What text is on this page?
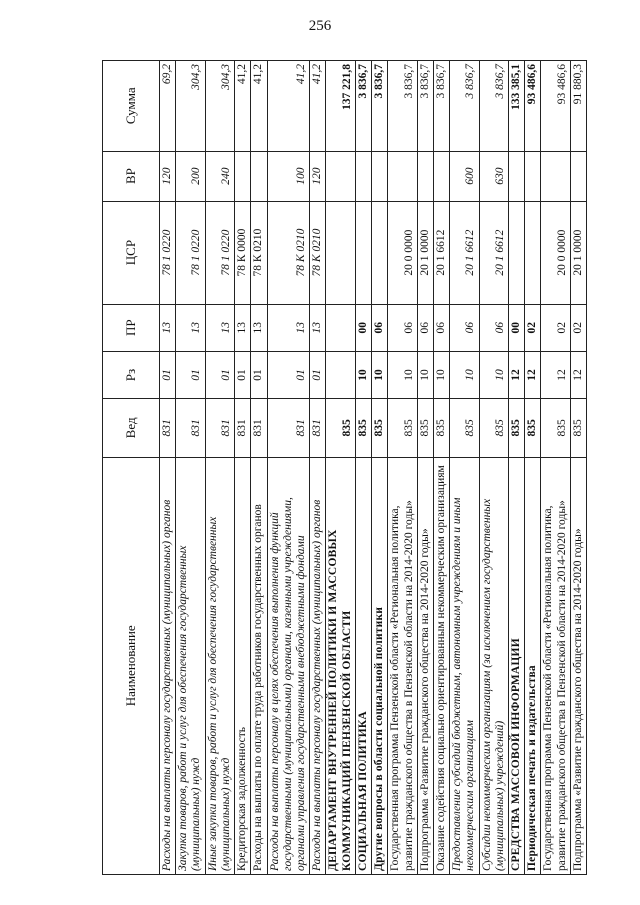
256
Наименование	Вед	Рз	ПР	ЦСР	ВР	Сумма
Расходы на выплаты персоналу государственных (муниципальных) органов	831	01	13	78 1 0220	120	69,2
Закупка товаров, работ и услуг для обеспечения государственных (муниципальных) нужд	831	01	13	78 1 0220	200	304,3
Иные закупки товаров, работ и услуг для обеспечения государственных (муниципальных) нужд	831	01	13	78 1 0220	240	304,3
Кредиторская задолженность	831	01	13	78 К 0000		41,2
Расходы на выплаты по оплате труда работников государственных органов	831	01	13	78 К 0210		41,2
Расходы на выплаты персоналу в целях обеспечения выполнения функций государственными (муниципальными) органами, казенными учреждениями, органами управления государственными внебюджетными фондами	831	01	13	78 К 0210	100	41,2
Расходы на выплаты персоналу государственных (муниципальных) органов	831	01	13	78 К 0210	120	41,2
ДЕПАРТАМЕНТ ВНУТРЕННЕЙ ПОЛИТИКИ И МАССОВЫХ КОММУНИКАЦИЙ ПЕНЗЕНСКОЙ ОБЛАСТИ	835					137 221,8
СОЦИАЛЬНАЯ ПОЛИТИКА	835	10	00			3 836,7
Другие вопросы в области социальной политики	835	10	06			3 836,7
Государственная программа Пензенской области «Региональная политика, развитие гражданского общества в Пензенской области на 2014-2020 годы»	835	10	06	20 0 0000		3 836,7
Подпрограмма «Развитие гражданского общества на 2014-2020 годы»	835	10	06	20 1 0000		3 836,7
Оказание содействия социально ориентированным некоммерческим организациям	835	10	06	20 1 6612		3 836,7
Предоставление субсидий бюджетным, автономным учреждениям и иным некоммерческим организациям	835	10	06	20 1 6612	600	3 836,7
Субсидии некоммерческим организациям (за исключением государственных (муниципальных) учреждений)	835	10	06	20 1 6612	630	3 836,7
СРЕДСТВА МАССОВОЙ ИНФОРМАЦИИ	835	12	00			133 385,1
Периодическая печать и издательства	835	12	02			93 486,6
Государственная программа Пензенской области «Региональная политика, развитие гражданского общества в Пензенской области на 2014-2020 годы»	835	12	02	20 0 0000		93 486,6
Подпрограмма «Развитие гражданского общества на 2014-2020 годы»	835	12	02	20 1 0000		91 880,3
